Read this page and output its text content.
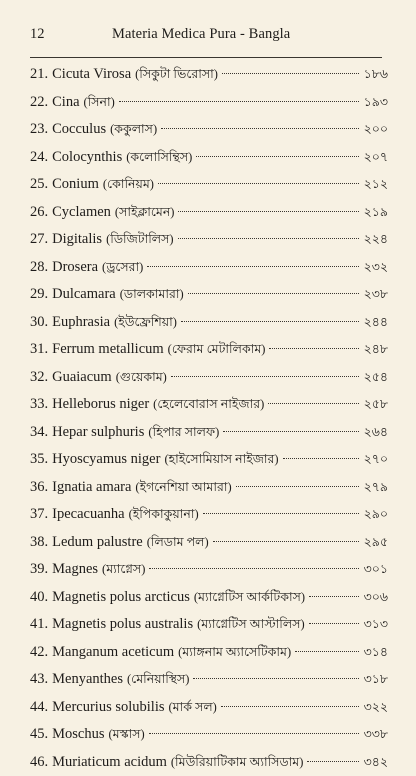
12	Materia Medica Pura - Bangla
21. Cicuta Virosa (সিকুটা ভিরোসা)	১৮৬
22. Cina (সিনা)	১৯৩
23. Cocculus (ককুলাস)	২০০
24. Colocynthis (কলোসিন্থিস)	২০৭
25. Conium (কোনিয়ম)	২১২
26. Cyclamen (সাইক্লামেন)	২১৯
27. Digitalis (ডিজিটালিস)	২২৪
28. Drosera (ড্রসেরা)	২৩২
29. Dulcamara (ডালকামারা)	২৩৮
30. Euphrasia (ইউফ্রেশিয়া)	২৪৪
31. Ferrum metallicum (ফেরাম মেটালিকাম)	২৪৮
32. Guaiacum (গুয়েকাম)	২৫৪
33. Helleborus niger (হেলেবোরাস নাইজার)	২৫৮
34. Hepar sulphuris (হিপার সালফ)	২৬৪
35. Hyoscyamus niger (হাইসোমিয়াস নাইজার)	২৭০
36. Ignatia amara (ইগনেশিয়া আমারা)	২৭৯
37. Ipecacuanha (ইপিকাকুয়ানা)	২৯০
38. Ledum palustre (লিডাম পল)	২৯৫
39. Magnes (ম্যাগ্নেস)	৩০১
40. Magnetis polus arcticus (ম্যাগ্নেটিস আর্কটিকাস)	৩০৬
41. Magnetis polus australis (ম্যাগ্নেটিস আস্টালিস)	৩১৩
42. Manganum aceticum (ম্যাঙ্গনাম অ্যাসেটিকাম)	৩১৪
43. Menyanthes (মেনিয়াস্থিস)	৩১৮
44. Mercurius solubilis (মার্ক সল)	৩২২
45. Moschus (মস্কাস)	৩৩৮
46. Muriaticum acidum (মিউরিয়াটিকাম অ্যাসিডাম)	৩৪২
